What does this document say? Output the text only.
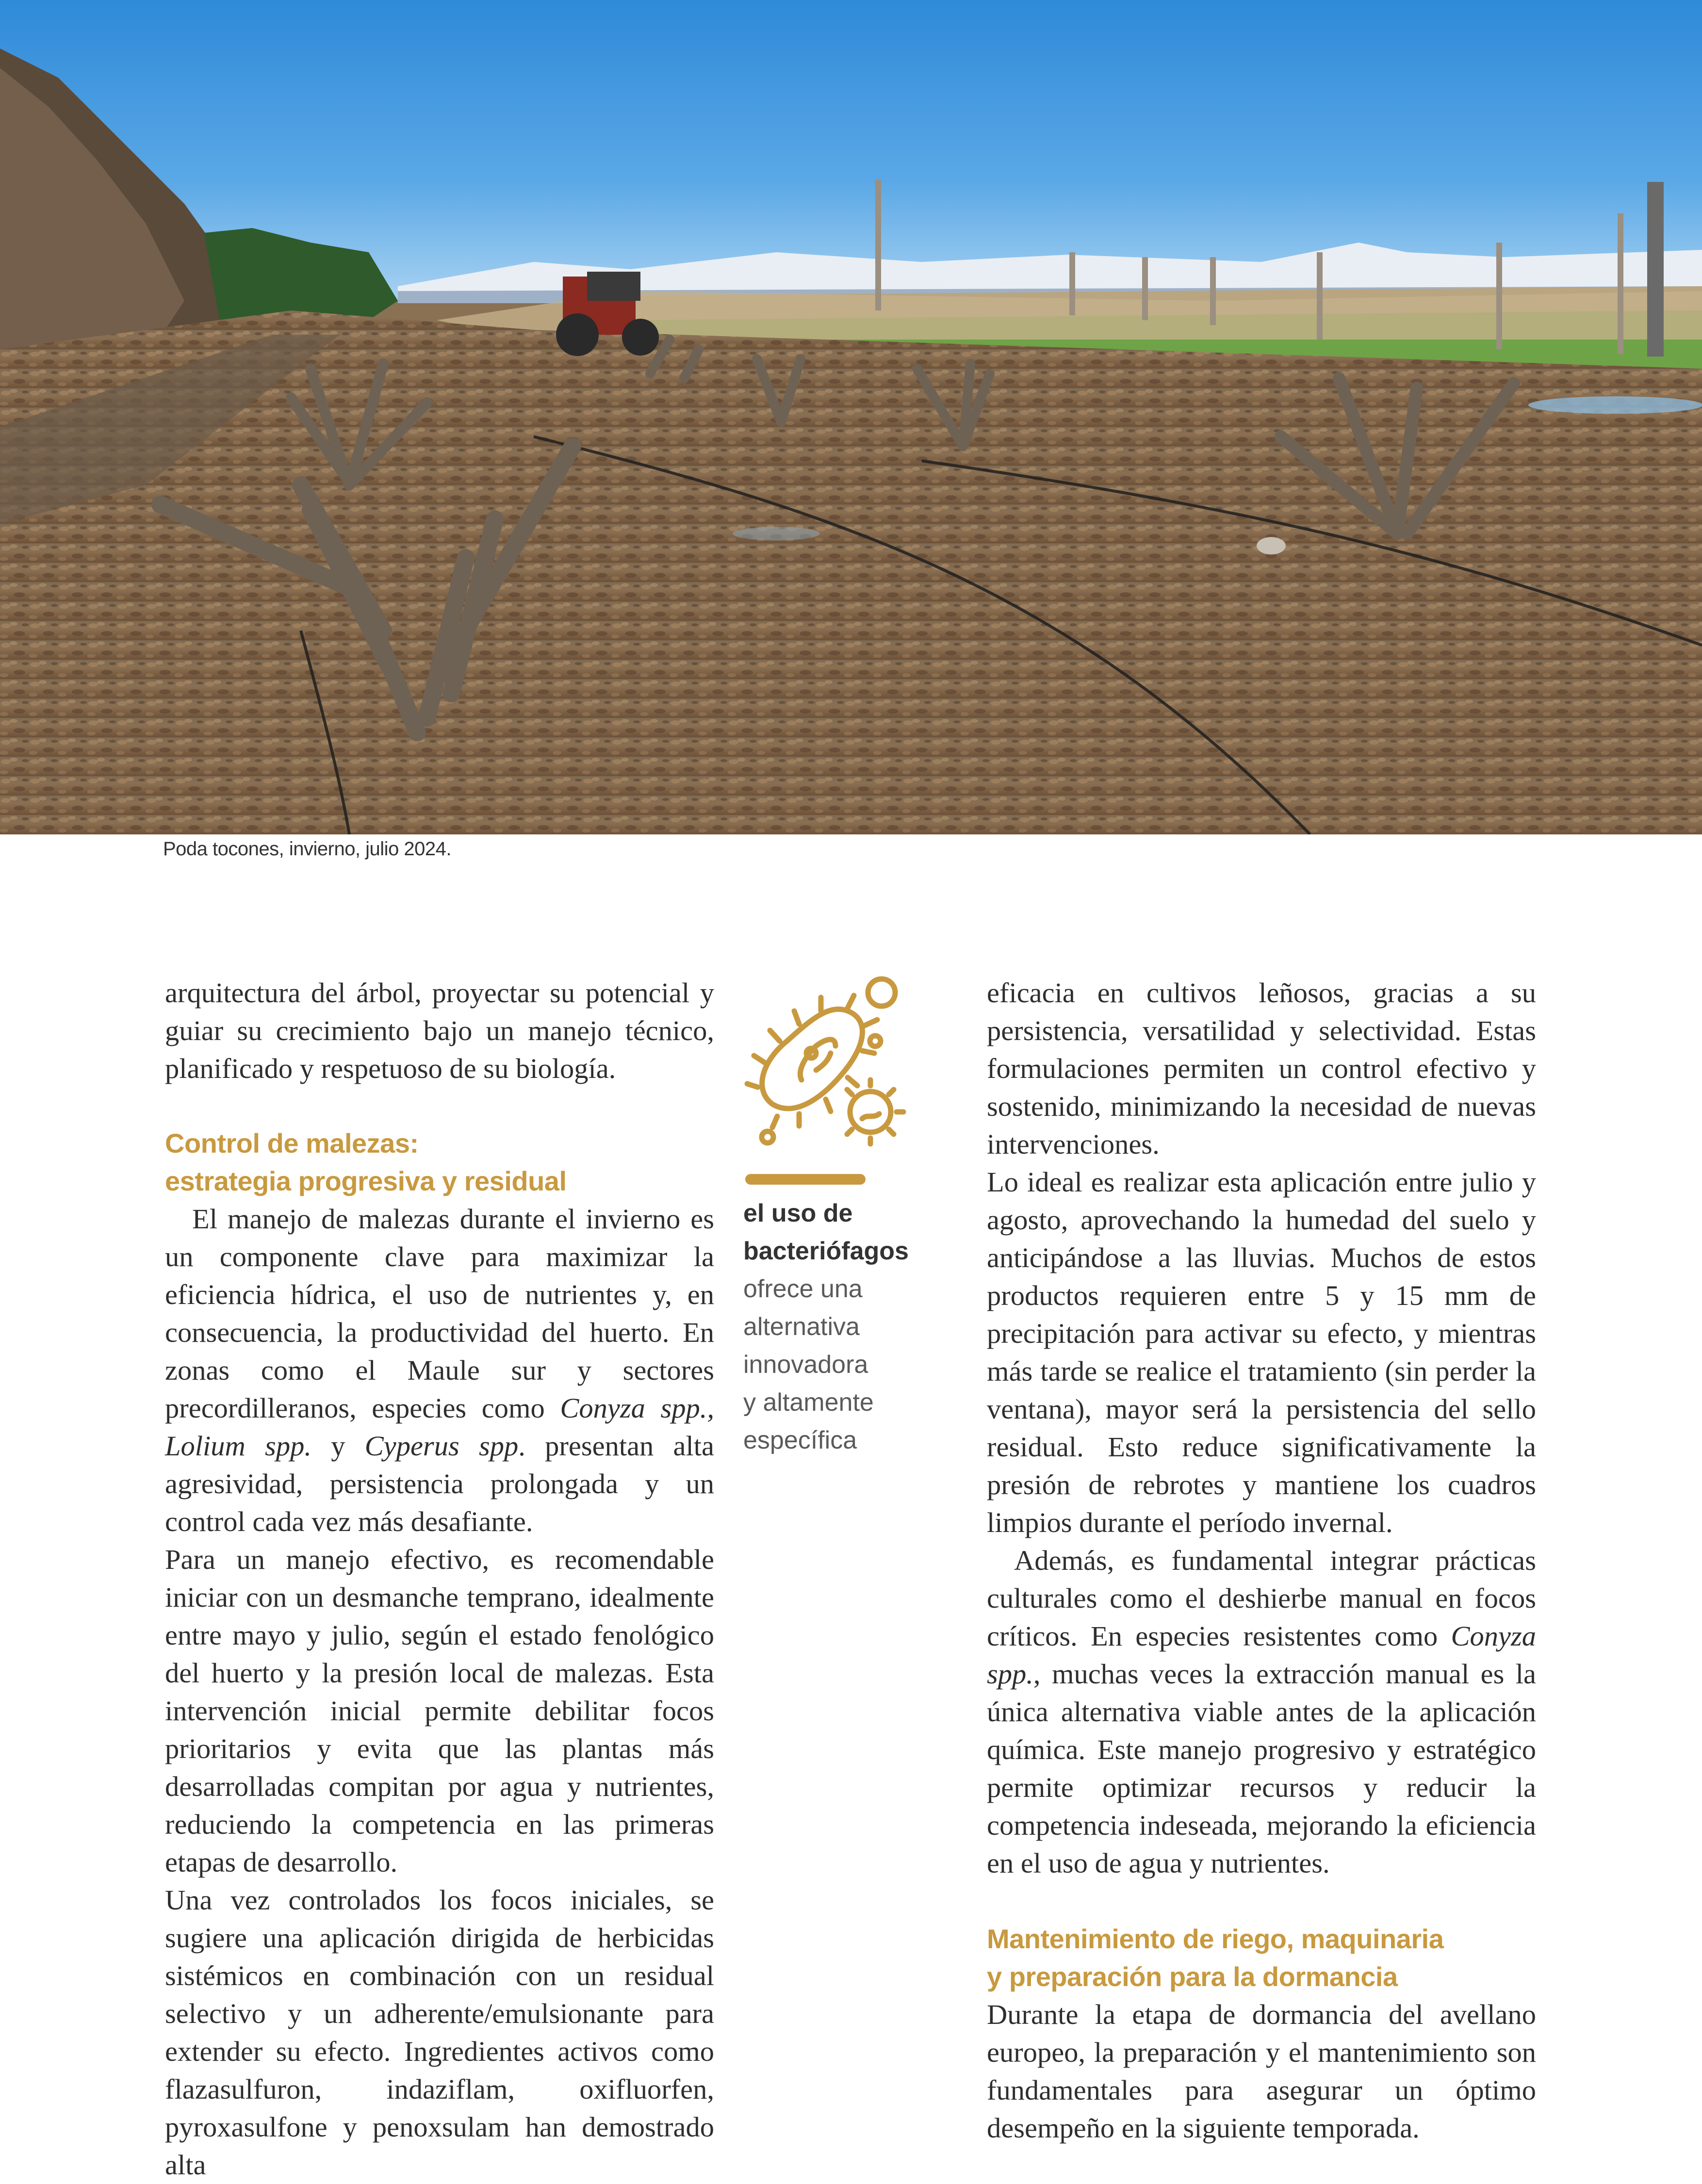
Poda tocones, invierno, julio 2024.

arquitectura del árbol, proyectar su potencial y guiar su crecimiento bajo un manejo técnico, planificado y respetuoso de su biología.

Control de malezas:
estrategia progresiva y residual

El manejo de malezas durante el invierno es un componente clave para maximizar la eficiencia hídrica, el uso de nutrientes y, en consecuencia, la productividad del huerto. En zonas como el Maule sur y sectores precordilleranos, especies como Conyza spp., Lolium spp. y Cyperus spp. presentan alta agresividad, persistencia prolongada y un control cada vez más desafiante.

Para un manejo efectivo, es recomendable iniciar con un desmanche temprano, idealmente entre mayo y julio, según el estado fenológico del huerto y la presión local de malezas. Esta intervención inicial permite debilitar focos prioritarios y evita que las plantas más desarrolladas compitan por agua y nutrientes, reduciendo la competencia en las primeras etapas de desarrollo.

Una vez controlados los focos iniciales, se sugiere una aplicación dirigida de herbicidas sistémicos en combinación con un residual selectivo y un adherente/emulsionante para extender su efecto. Ingredientes activos como flazasulfuron, indaziflam, oxifluorfen, pyroxasulfone y penoxsulam han demostrado alta

el uso de

bacteriófagos

ofrece una

alternativa

innovadora

y altamente

específica

eficacia en cultivos leñosos, gracias a su persistencia, versatilidad y selectividad. Estas formulaciones permiten un control efectivo y sostenido, minimizando la necesidad de nuevas intervenciones.

Lo ideal es realizar esta aplicación entre julio y agosto, aprovechando la humedad del suelo y anticipándose a las lluvias. Muchos de estos productos requieren entre 5 y 15 mm de precipitación para activar su efecto, y mientras más tarde se realice el tratamiento (sin perder la ventana), mayor será la persistencia del sello residual. Esto reduce significativamente la presión de rebrotes y mantiene los cuadros limpios durante el período invernal.

Además, es fundamental integrar prácticas culturales como el deshierbe manual en focos críticos. En especies resistentes como Conyza spp., muchas veces la extracción manual es la única alternativa viable antes de la aplicación química. Este manejo progresivo y estratégico permite optimizar recursos y reducir la competencia indeseada, mejorando la eficiencia en el uso de agua y nutrientes.

Mantenimiento de riego, maquinaria
y preparación para la dormancia

Durante la etapa de dormancia del avellano europeo, la preparación y el mantenimiento son fundamentales para asegurar un óptimo desempeño en la siguiente temporada.
